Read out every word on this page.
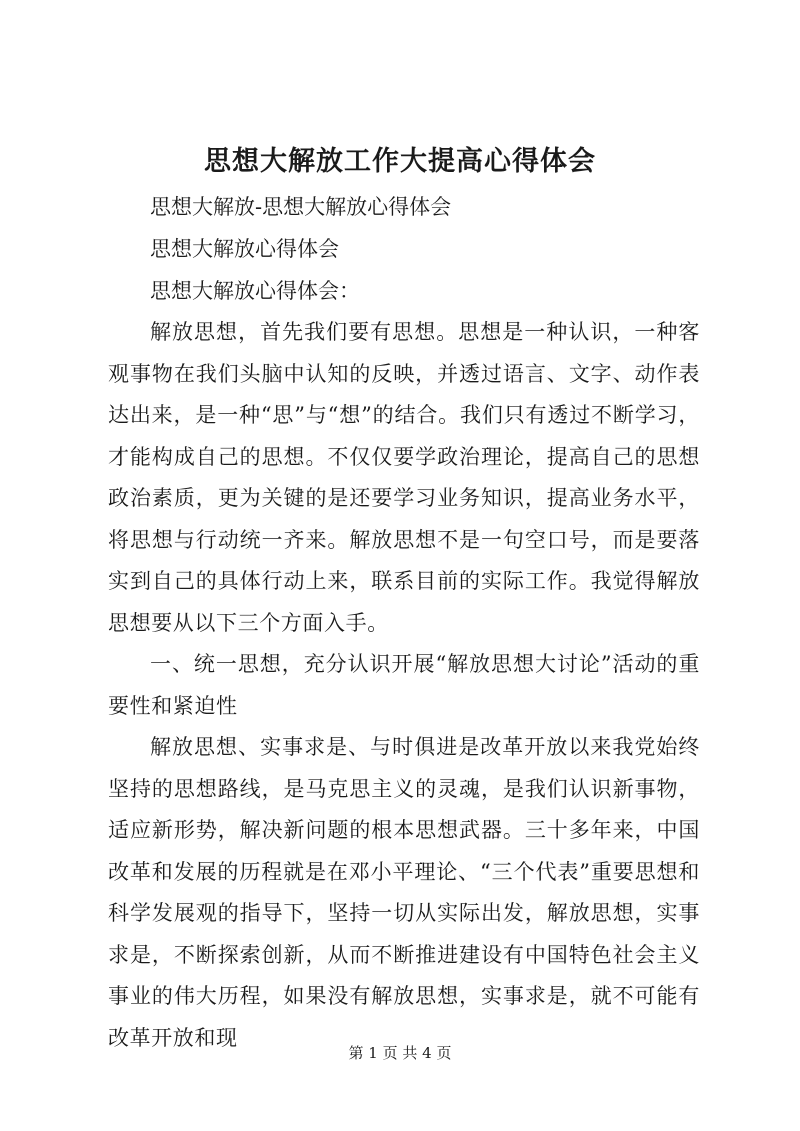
思想大解放工作大提高心得体会

思想大解放-思想大解放心得体会

思想大解放心得体会

思想大解放心得体会：

解放思想，首先我们要有思想。思想是一种认识，一种客观事物在我们头脑中认知的反映，并透过语言、文字、动作表达出来，是一种“思”与“想”的结合。我们只有透过不断学习，才能构成自己的思想。不仅仅要学政治理论，提高自己的思想政治素质，更为关键的是还要学习业务知识，提高业务水平，将思想与行动统一齐来。解放思想不是一句空口号，而是要落实到自己的具体行动上来，联系目前的实际工作。我觉得解放思想要从以下三个方面入手。

一、统一思想，充分认识开展“解放思想大讨论”活动的重要性和紧迫性

解放思想、实事求是、与时俱进是改革开放以来我党始终坚持的思想路线，是马克思主义的灵魂，是我们认识新事物，适应新形势，解决新问题的根本思想武器。三十多年来，中国改革和发展的历程就是在邓小平理论、“三个代表”重要思想和科学发展观的指导下，坚持一切从实际出发，解放思想，实事求是，不断探索创新，从而不断推进建设有中国特色社会主义事业的伟大历程，如果没有解放思想，实事求是，就不可能有改革开放和现

第 1 页 共 4 页
